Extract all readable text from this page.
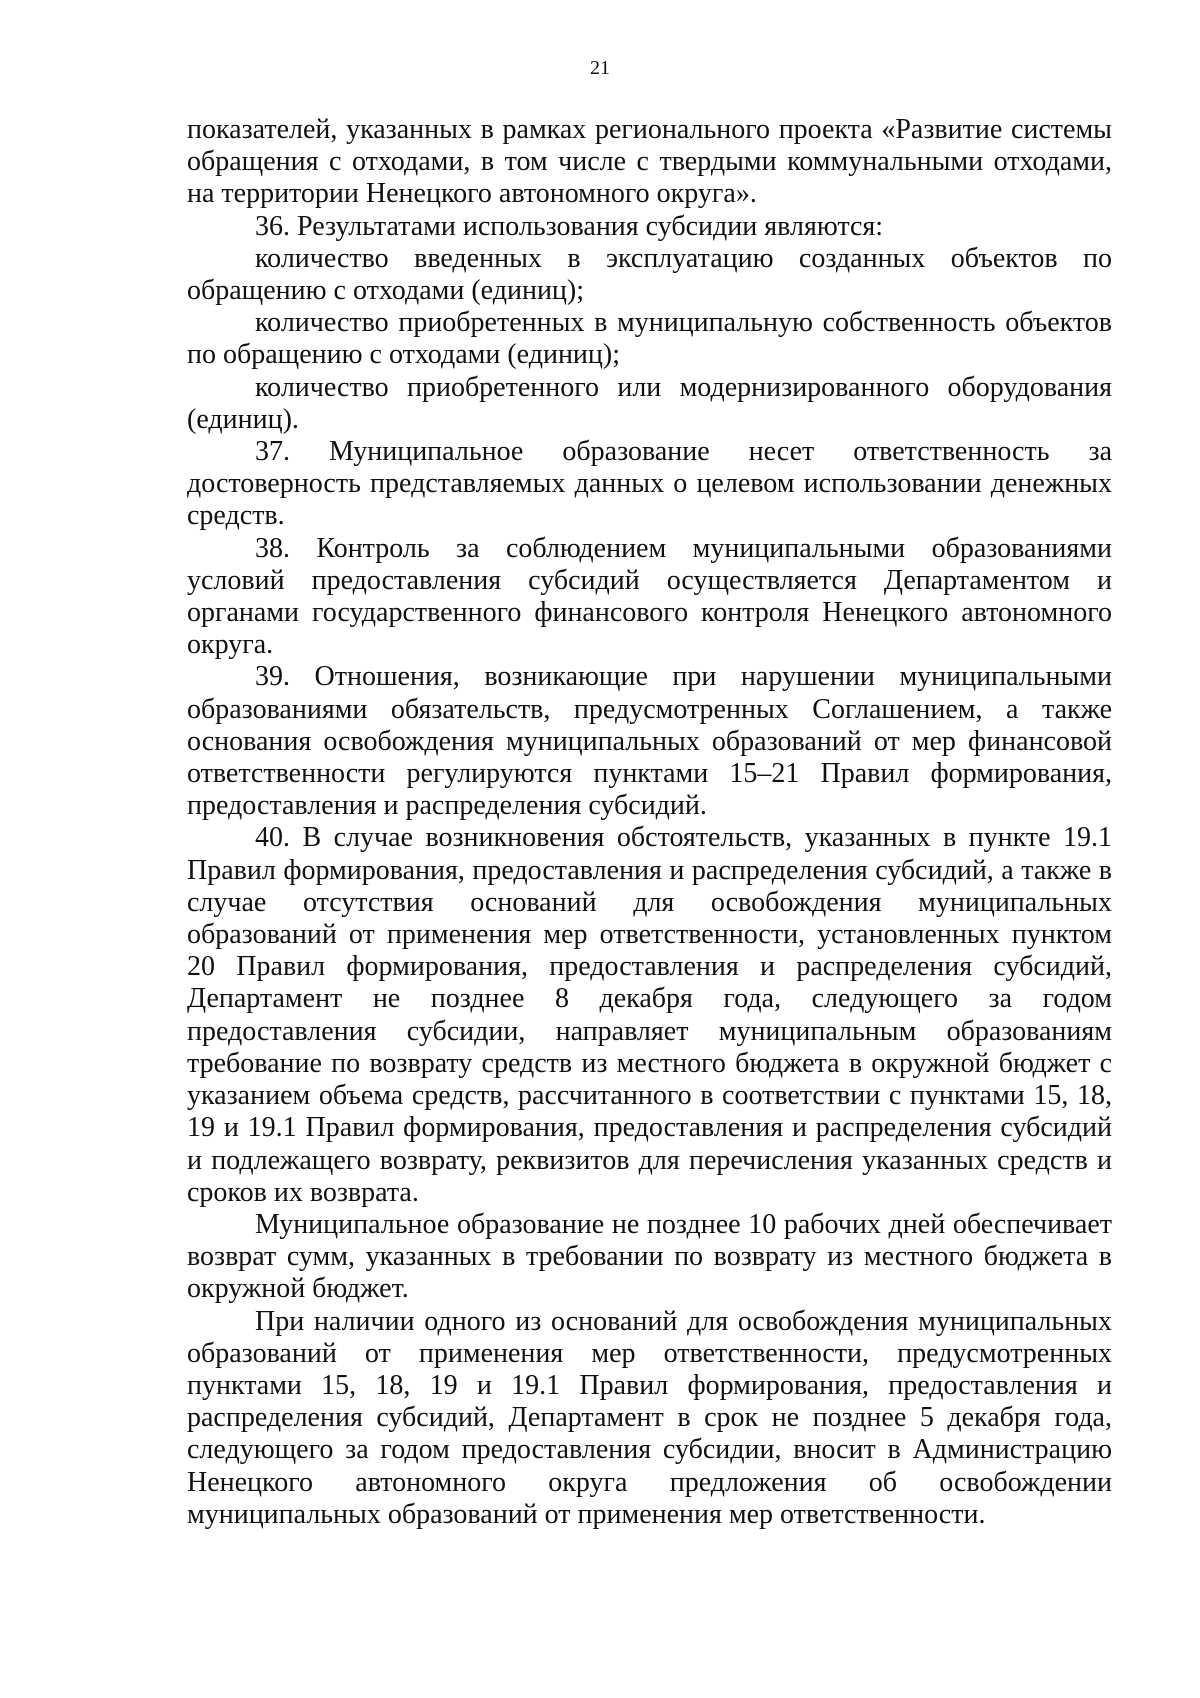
21

показателей, указанных в рамках регионального проекта «Развитие системы обращения с отходами, в том числе с твердыми коммунальными отходами, на территории Ненецкого автономного округа».

36. Результатами использования субсидии являются:

количество введенных в эксплуатацию созданных объектов по обращению с отходами (единиц);

количество приобретенных в муниципальную собственность объектов по обращению с отходами (единиц);

количество приобретенного или модернизированного оборудования (единиц).

37. Муниципальное образование несет ответственность за достоверность представляемых данных о целевом использовании денежных средств.

38. Контроль за соблюдением муниципальными образованиями условий предоставления субсидий осуществляется Департаментом и органами государственного финансового контроля Ненецкого автономного округа.

39. Отношения, возникающие при нарушении муниципальными образованиями обязательств, предусмотренных Соглашением, а также основания освобождения муниципальных образований от мер финансовой ответственности регулируются пунктами 15–21 Правил формирования, предоставления и распределения субсидий.

40. В случае возникновения обстоятельств, указанных в пункте 19.1 Правил формирования, предоставления и распределения субсидий, а также в случае отсутствия оснований для освобождения муниципальных образований от применения мер ответственности, установленных пунктом 20 Правил формирования, предоставления и распределения субсидий, Департамент не позднее 8 декабря года, следующего за годом предоставления субсидии, направляет муниципальным образованиям требование по возврату средств из местного бюджета в окружной бюджет с указанием объема средств, рассчитанного в соответствии с пунктами 15, 18, 19 и 19.1 Правил формирования, предоставления и распределения субсидий и подлежащего возврату, реквизитов для перечисления указанных средств и сроков их возврата.

Муниципальное образование не позднее 10 рабочих дней обеспечивает возврат сумм, указанных в требовании по возврату из местного бюджета в окружной бюджет.

При наличии одного из оснований для освобождения муниципальных образований от применения мер ответственности, предусмотренных пунктами 15, 18, 19 и 19.1 Правил формирования, предоставления и распределения субсидий, Департамент в срок не позднее 5 декабря года, следующего за годом предоставления субсидии, вносит в Администрацию Ненецкого автономного округа предложения об освобождении муниципальных образований от применения мер ответственности.
